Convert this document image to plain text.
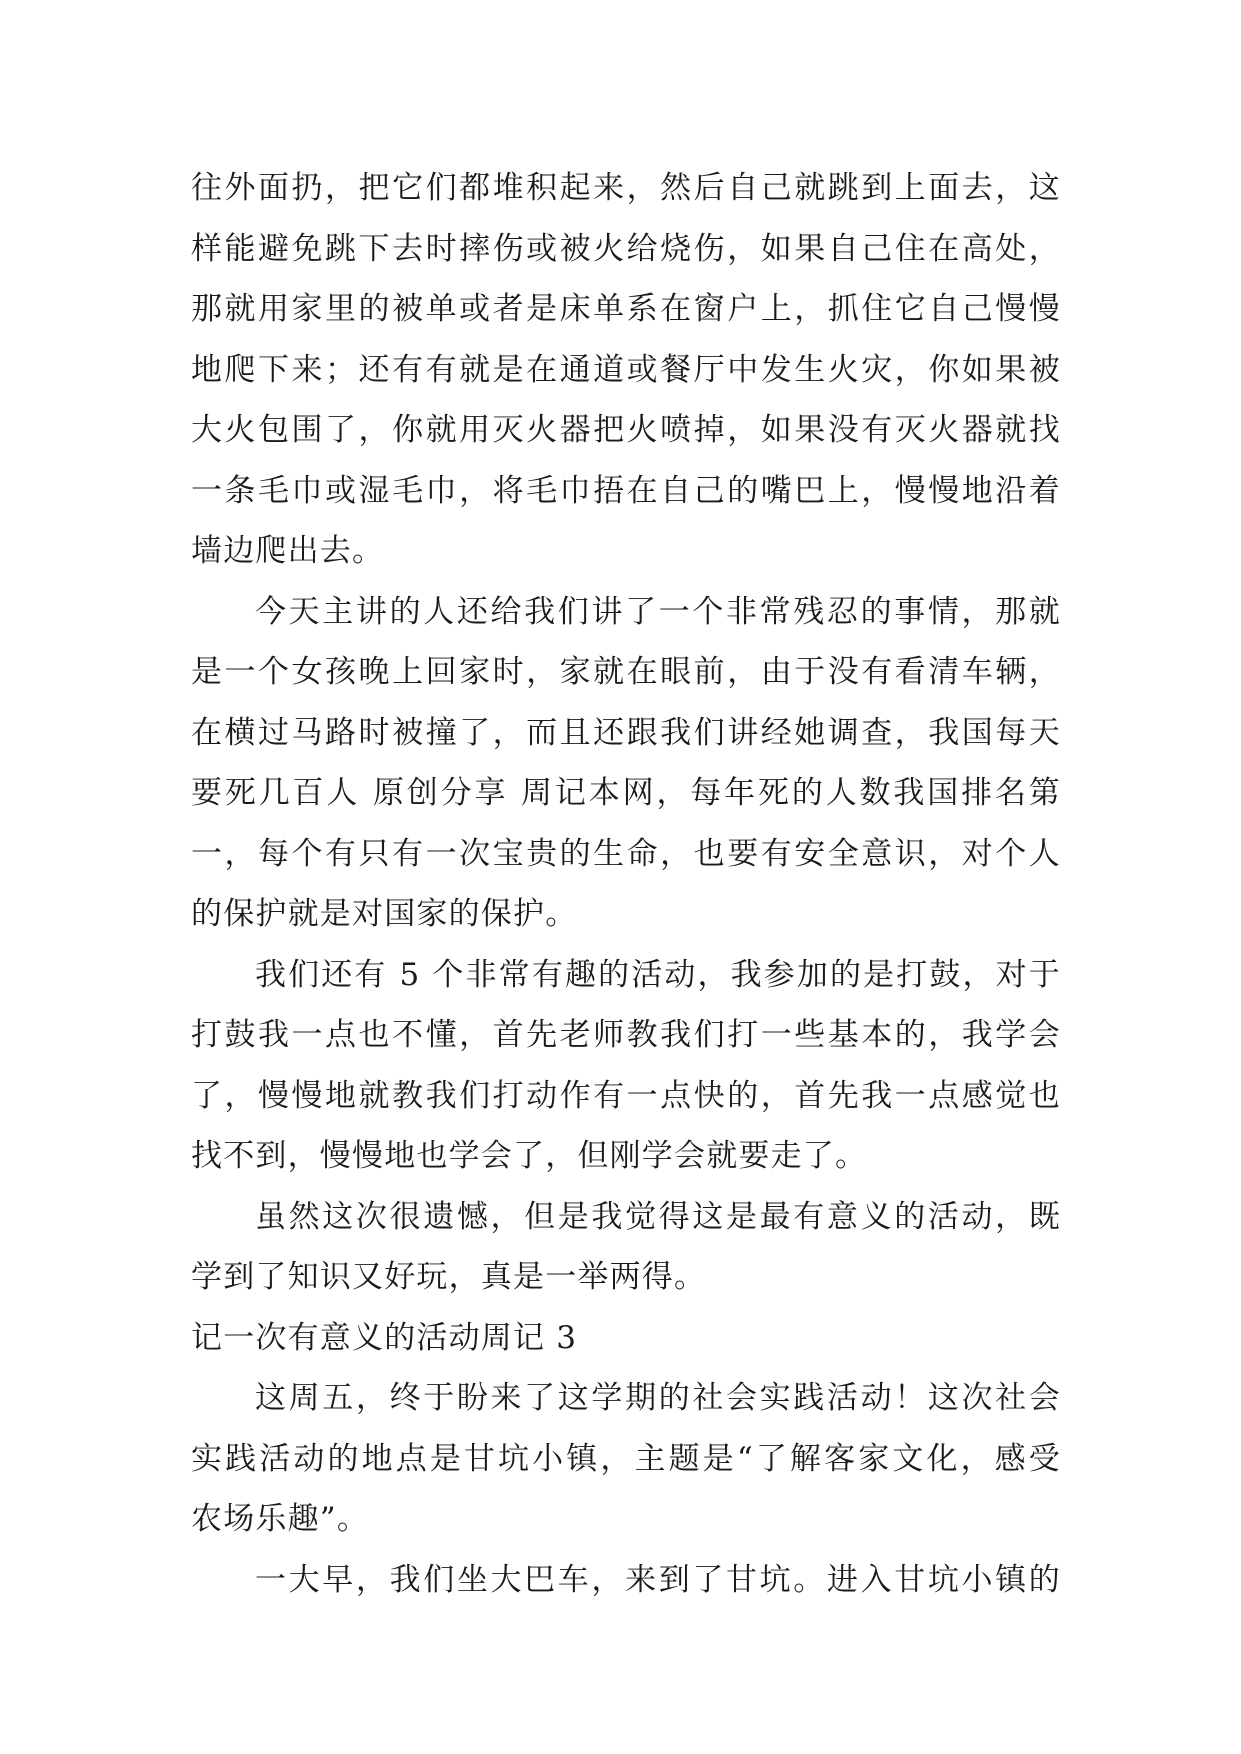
往外面扔，把它们都堆积起来，然后自己就跳到上面去，这
样能避免跳下去时摔伤或被火给烧伤，如果自己住在高处，
那就用家里的被单或者是床单系在窗户上，抓住它自己慢慢
地爬下来；还有有就是在通道或餐厅中发生火灾，你如果被
大火包围了，你就用灭火器把火喷掉，如果没有灭火器就找
一条毛巾或湿毛巾，将毛巾捂在自己的嘴巴上，慢慢地沿着
墙边爬出去。
今天主讲的人还给我们讲了一个非常残忍的事情，那就
是一个女孩晚上回家时，家就在眼前，由于没有看清车辆，
在横过马路时被撞了，而且还跟我们讲经她调查，我国每天
要死几百人 原创分享 周记本网，每年死的人数我国排名第
一，每个有只有一次宝贵的生命，也要有安全意识，对个人
的保护就是对国家的保护。
我们还有 5 个非常有趣的活动，我参加的是打鼓，对于
打鼓我一点也不懂，首先老师教我们打一些基本的，我学会
了，慢慢地就教我们打动作有一点快的，首先我一点感觉也
找不到，慢慢地也学会了，但刚学会就要走了。
虽然这次很遗憾，但是我觉得这是最有意义的活动，既
学到了知识又好玩，真是一举两得。
记一次有意义的活动周记 3
这周五，终于盼来了这学期的社会实践活动！这次社会
实践活动的地点是甘坑小镇，主题是“了解客家文化，感受
农场乐趣”。
一大早，我们坐大巴车，来到了甘坑。进入甘坑小镇的
